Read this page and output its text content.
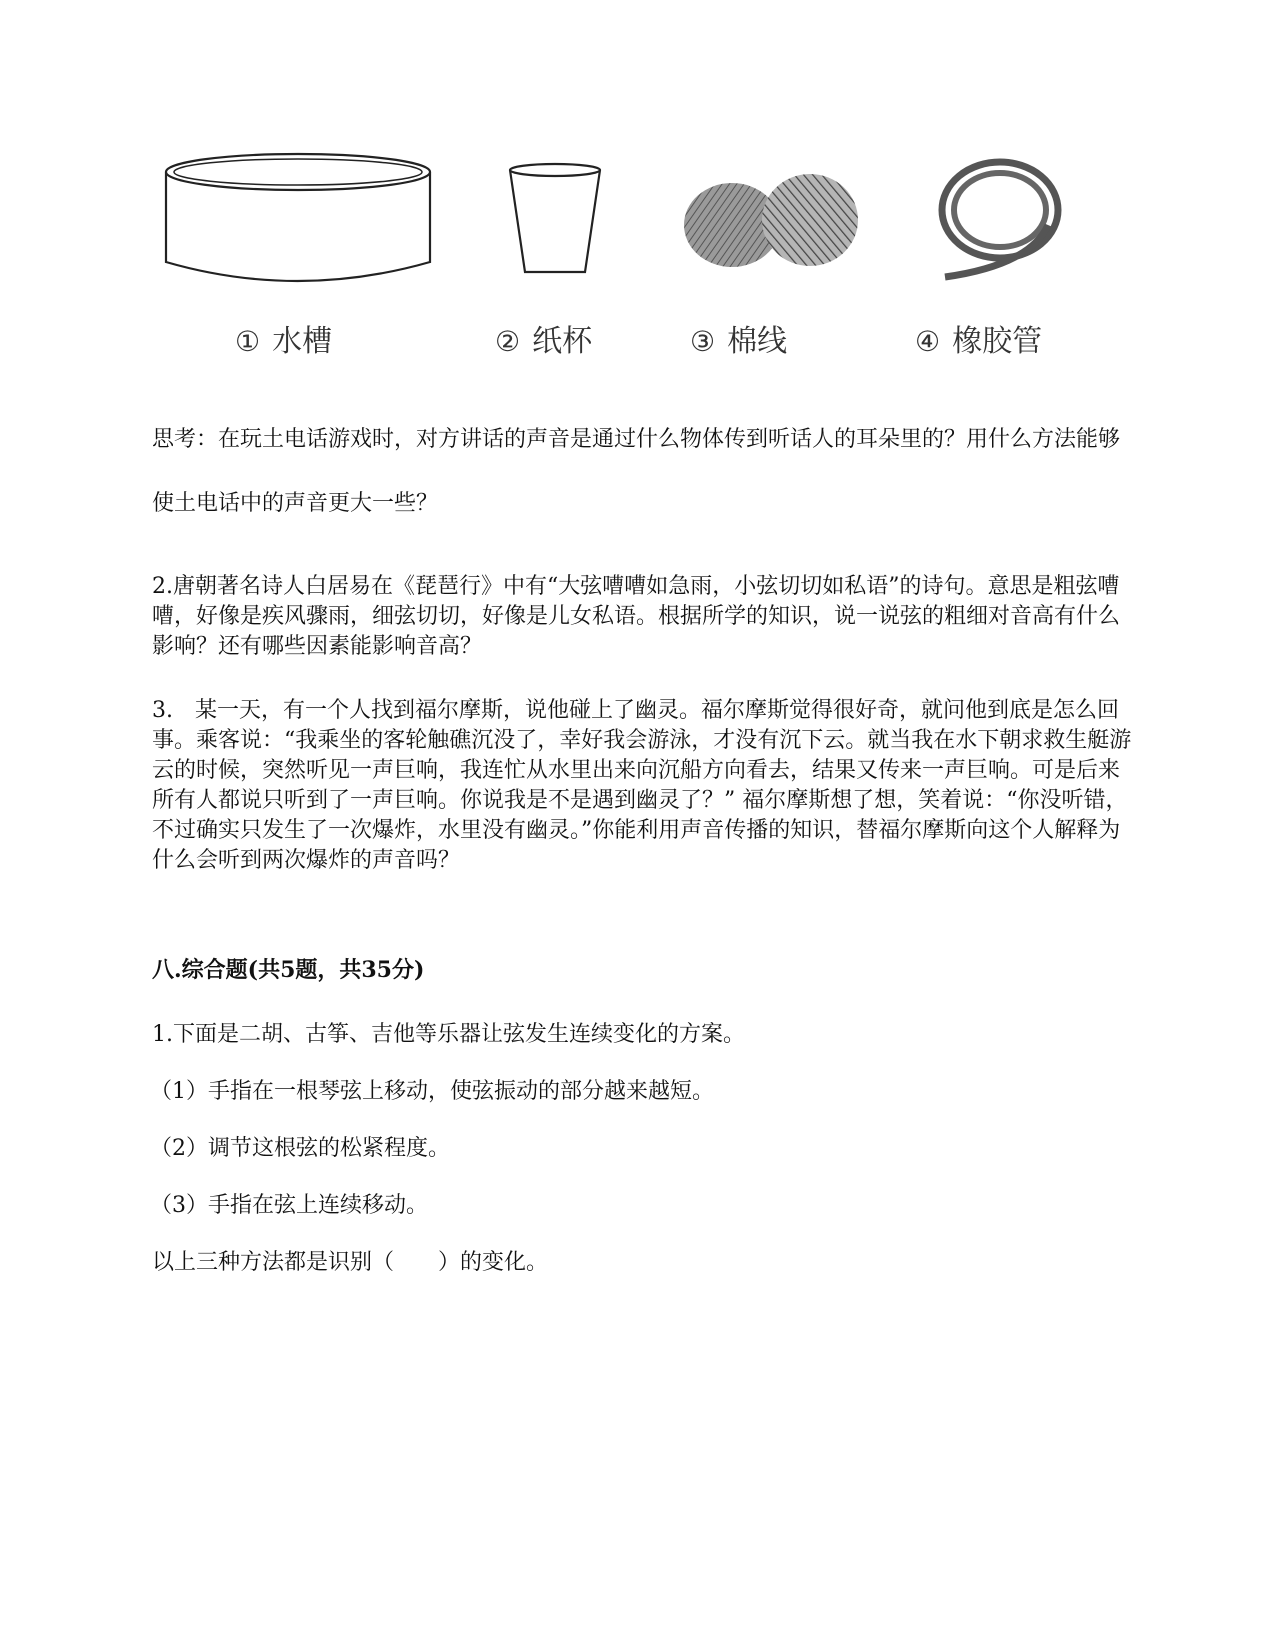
① 水槽	② 纸杯	③ 棉线	④ 橡胶管
思考：在玩土电话游戏时，对方讲话的声音是通过什么物体传到听话人的耳朵里的？用什么方法能够使土电话中的声音更大一些？
2.唐朝著名诗人白居易在《琵琶行》中有“大弦嘈嘈如急雨，小弦切切如私语”的诗句。意思是粗弦嘈嘈，好像是疾风骤雨，细弦切切，好像是儿女私语。根据所学的知识，说一说弦的粗细对音高有什么影响？还有哪些因素能影响音高？
3.　某一天，有一个人找到福尔摩斯，说他碰上了幽灵。福尔摩斯觉得很好奇，就问他到底是怎么回事。乘客说：“我乘坐的客轮触礁沉没了，幸好我会游泳，才没有沉下云。就当我在水下朝求救生艇游云的时候，突然听见一声巨响，我连忙从水里出来向沉船方向看去，结果又传来一声巨响。可是后来所有人都说只听到了一声巨响。你说我是不是遇到幽灵了？” 福尔摩斯想了想，笑着说：“你没听错，不过确实只发生了一次爆炸，水里没有幽灵。”你能利用声音传播的知识，替福尔摩斯向这个人解释为什么会听到两次爆炸的声音吗？
八.综合题(共5题，共35分)
1.下面是二胡、古筝、吉他等乐器让弦发生连续变化的方案。
（1）手指在一根琴弦上移动，使弦振动的部分越来越短。
（2）调节这根弦的松紧程度。
（3）手指在弦上连续移动。
以上三种方法都是识别（　　）的变化。
